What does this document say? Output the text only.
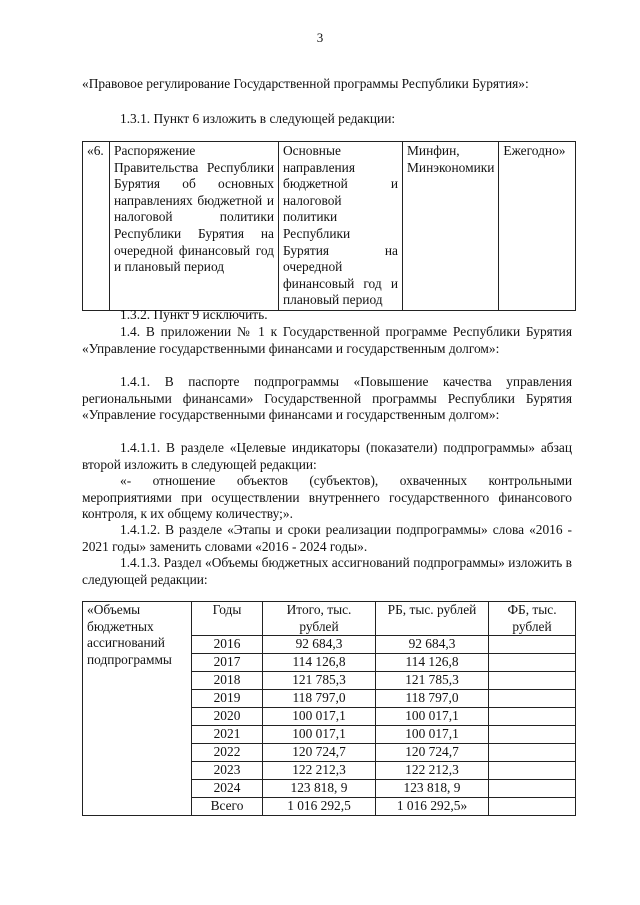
3

«Правовое регулирование Государственной программы Республики Бурятия»:

1.3.1. Пункт 6 изложить в следующей редакции:

«6.	Распоряжение Правительства Республики Бурятия об основных направлениях бюджетной и налоговой политики Республики Бурятия на очередной финансовый год и плановый период	Основные направления бюджетной и налоговой политики Республики Бурятия на очередной финансовый год и плановый период	Минфин, Минэкономики	Ежегодно»

1.3.2. Пункт 9 исключить.

1.4. В приложении № 1 к Государственной программе Республики Бурятия «Управление государственными финансами и государственным долгом»:

1.4.1. В паспорте подпрограммы «Повышение качества управления региональными финансами» Государственной программы Республики Бурятия «Управление государственными финансами и государственным долгом»:

1.4.1.1. В разделе «Целевые индикаторы (показатели) подпрограммы» абзац второй изложить в следующей редакции:

«- отношение объектов (субъектов), охваченных контрольными мероприятиями при осуществлении внутреннего государственного финансового контроля, к их общему количеству;».

1.4.1.2. В разделе «Этапы и сроки реализации подпрограммы» слова «2016 - 2021 годы» заменить словами «2016 - 2024 годы».

1.4.1.3. Раздел «Объемы бюджетных ассигнований подпрограммы» изложить в следующей редакции:

«Объемы бюджетных ассигнований подпрограммы	Годы	Итого, тыс. рублей	РБ, тыс. рублей	ФБ, тыс. рублей
	2016	92 684,3	92 684,3	
	2017	114 126,8	114 126,8	
	2018	121 785,3	121 785,3	
	2019	118 797,0	118 797,0	
	2020	100 017,1	100 017,1	
	2021	100 017,1	100 017,1	
	2022	120 724,7	120 724,7	
	2023	122 212,3	122 212,3	
	2024	123 818, 9	123 818, 9	
	Всего	1 016 292,5	1 016 292,5»	
